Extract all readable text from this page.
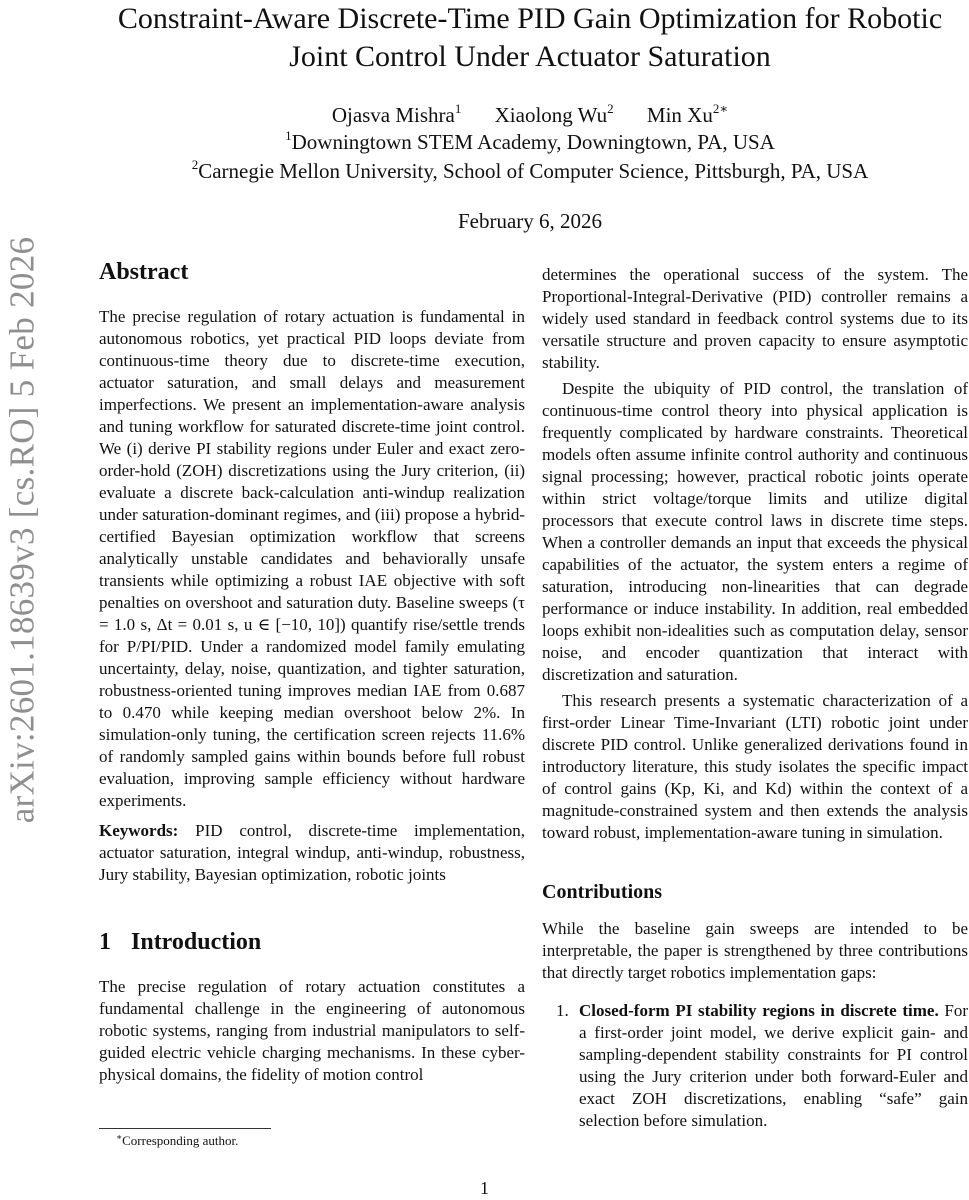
arXiv:2601.18639v3 [cs.RO] 5 Feb 2026
Constraint-Aware Discrete-Time PID Gain Optimization for Robotic
Joint Control Under Actuator Saturation
Ojasva Mishra$^1$ Xiaolong Wu$^2$ Min $Xu^{2∗}$
$^1$Downingtown STEM Academy, Downingtown, PA, USA
$^2$Carnegie Mellon University, School of Computer Science, Pittsburgh, PA, USA
February 6, 2026
Abstract

The precise regulation of rotary actuation is fundamental in autonomous robotics, yet practical PID loops deviate from continuous-time theory due to discrete-time execution, actuator saturation, and small delays and measurement imperfections. We present an implementation-aware analysis and tuning workflow for saturated discrete-time joint control. We (i) derive PI stability regions under Euler and exact zero-order-hold (ZOH) discretizations using the Jury criterion, (ii) evaluate a discrete back-calculation anti-windup realization under saturation-dominant regimes, and (iii) propose a hybrid-certified Bayesian optimization workflow that screens analytically unstable candidates and behaviorally unsafe transients while optimizing a robust IAE objective with soft penalties on overshoot and saturation duty. Baseline sweeps (τ = 1.0 s, Δt = 0.01 s, u ∈ [−10, 10]) quantify rise/settle trends for P/PI/PID. Under a randomized model family emulating uncertainty, delay, noise, quantization, and tighter saturation, robustness-oriented tuning improves median IAE from 0.687 to 0.470 while keeping median overshoot below 2%. In simulation-only tuning, the certification screen rejects 11.6% of randomly sampled gains within bounds before full robust evaluation, improving sample efficiency without hardware experiments.

Keywords: PID control, discrete-time implementation, actuator saturation, integral windup, anti-windup, robustness, Jury stability, Bayesian optimization, robotic joints

1 Introduction

The precise regulation of rotary actuation constitutes a fundamental challenge in the engineering of autonomous robotic systems, ranging from industrial manipulators to self-guided electric vehicle charging mechanisms. In these cyber-physical domains, the fidelity of motion control

determines the operational success of the system. The Proportional-Integral-Derivative (PID) controller remains a widely used standard in feedback control systems due to its versatile structure and proven capacity to ensure asymptotic stability.

Despite the ubiquity of PID control, the translation of continuous-time control theory into physical application is frequently complicated by hardware constraints. Theoretical models often assume infinite control authority and continuous signal processing; however, practical robotic joints operate within strict voltage/torque limits and utilize digital processors that execute control laws in discrete time steps. When a controller demands an input that exceeds the physical capabilities of the actuator, the system enters a regime of saturation, introducing non-linearities that can degrade performance or induce instability. In addition, real embedded loops exhibit non-idealities such as computation delay, sensor noise, and encoder quantization that interact with discretization and saturation.

This research presents a systematic characterization of a first-order Linear Time-Invariant (LTI) robotic joint under discrete PID control. Unlike generalized derivations found in introductory literature, this study isolates the specific impact of control gains (Kp, Ki, and Kd) within the context of a magnitude-constrained system and then extends the analysis toward robust, implementation-aware tuning in simulation.

Contributions

While the baseline gain sweeps are intended to be interpretable, the paper is strengthened by three contributions that directly target robotics implementation gaps:

1. Closed-form PI stability regions in discrete time. For a first-order joint model, we derive explicit gain- and sampling-dependent stability constraints for PI control using the Jury criterion under both forward-Euler and exact ZOH discretizations, enabling “safe” gain selection before simulation.
∗Corresponding author.
1
